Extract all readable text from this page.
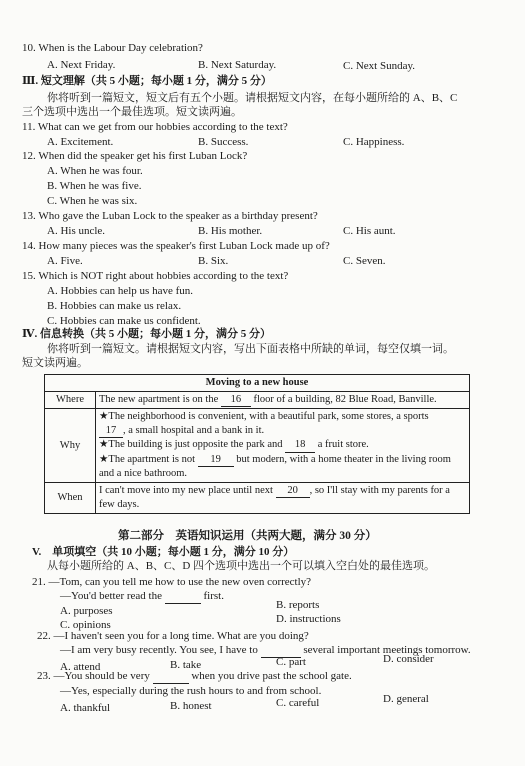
10. When is the Labour Day celebration?
A. Next Friday.	B. Next Saturday.	C. Next Sunday.
Ⅲ. 短文理解（共 5 小题；每小题 1 分，满分 5 分）
你将听到一篇短文，短文后有五个小题。请根据短文内容，在每小题所给的 A、B、C
三个选项中选出一个最佳选项。短文读两遍。
11. What can we get from our hobbies according to the text?
A. Excitement.	B. Success.	C. Happiness.
12. When did the speaker get his first Luban Lock?
A. When he was four.
B. When he was five.
C. When he was six.
13. Who gave the Luban Lock to the speaker as a birthday present?
A. His uncle.	B. His mother.	C. His aunt.
14. How many pieces was the speaker's first Luban Lock made up of?
A. Five.	B. Six.	C. Seven.
15. Which is NOT right about hobbies according to the text?
A. Hobbies can help us have fun.
B. Hobbies can make us relax.
C. Hobbies can make us confident.
Ⅳ. 信息转换（共 5 小题；每小题 1 分，满分 5 分）
你将听到一篇短文。请根据短文内容，写出下面表格中所缺的单词，每空仅填一词。
短文读两遍。
Moving to a new house	
Where	The new apartment is on the 16 floor of a building, 82 Blue Road, Banville.
Why	★The neighborhood is convenient, with a beautiful park, some stores, a sports
17 , a small hospital and a bank in it.
★The building is just opposite the park and 18 a fruit store.
★The apartment is not 19 but modern, with a home theater in the living room and a nice bathroom.

When	I can't move into my new place until next 20 , so I'll stay with my parents for a few days.
第二部分　英语知识运用（共两大题，满分 30 分）
V.　单项填空（共 10 小题；每小题 1 分，满分 10 分）
从每小题所给的 A、B、C、D 四个选项中选出一个可以填入空白处的最佳选项。
21. —Tom, can you tell me how to use the new oven correctly?
—You'd better read the	first.
B. reports
A. purposes
D. instructions
C. opinions
22. —I haven't seen you for a long time. What are you doing?
—I am very busy recently. You see, I have to	several important meetings tomorrow.
D. consider
C. part
B. take
A. attend
23. —You should be very	when you drive past the school gate.
—Yes, especially during the rush hours to and from school.
D. general
C. careful
B. honest
A. thankful
